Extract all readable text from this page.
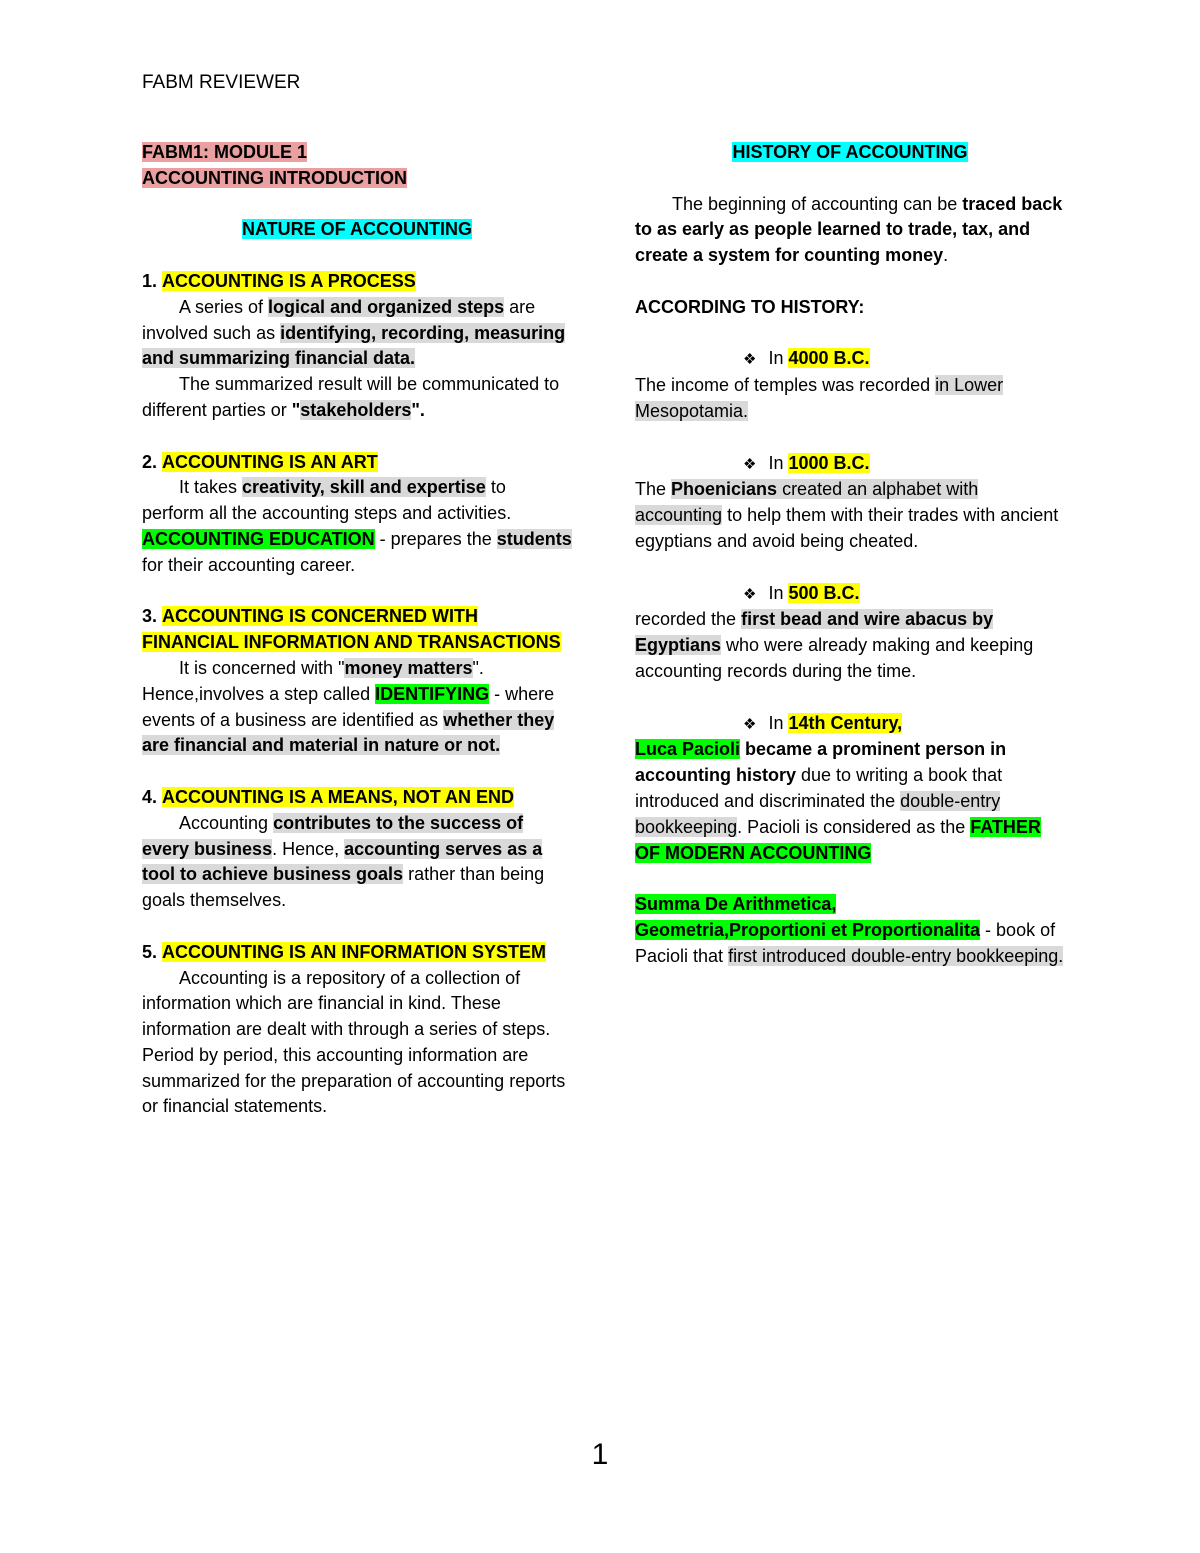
FABM REVIEWER

FABM1: MODULE 1

ACCOUNTING INTRODUCTION

NATURE OF ACCOUNTING

1. ACCOUNTING IS A PROCESS

A series of logical and organized steps are involved such as identifying, recording, measuring and summarizing financial data.

The summarized result will be communicated to different parties or "stakeholders".

2. ACCOUNTING IS AN ART

It takes creativity, skill and expertise to perform all the accounting steps and activities.

ACCOUNTING EDUCATION - prepares the students for their accounting career.

3. ACCOUNTING IS CONCERNED WITH FINANCIAL INFORMATION AND TRANSACTIONS

It is concerned with "money matters". Hence,involves a step called IDENTIFYING - where events of a business are identified as whether they are financial and material in nature or not.

4. ACCOUNTING IS A MEANS, NOT AN END

Accounting contributes to the success of every business. Hence, accounting serves as a tool to achieve business goals rather than being goals themselves.

5. ACCOUNTING IS AN INFORMATION SYSTEM

Accounting is a repository of a collection of information which are financial in kind. These information are dealt with through a series of steps. Period by period, this accounting information are summarized for the preparation of accounting reports or financial statements.

HISTORY OF ACCOUNTING

The beginning of accounting can be traced back to as early as people learned to trade, tax, and create a system for counting money.

ACCORDING TO HISTORY:

❖ In 4000 B.C.

The income of temples was recorded in Lower Mesopotamia.

❖ In 1000 B.C.

The Phoenicians created an alphabet with accounting to help them with their trades with ancient egyptians and avoid being cheated.

❖ In 500 B.C.

recorded the first bead and wire abacus by Egyptians who were already making and keeping accounting records during the time.

❖ In 14th Century,

Luca Pacioli became a prominent person in accounting history due to writing a book that introduced and discriminated the double-entry bookkeeping. Pacioli is considered as the FATHER OF MODERN ACCOUNTING

Summa De Arithmetica,

Geometria,Proportioni et Proportionalita - book of Pacioli that first introduced double-entry bookkeeping.

1
